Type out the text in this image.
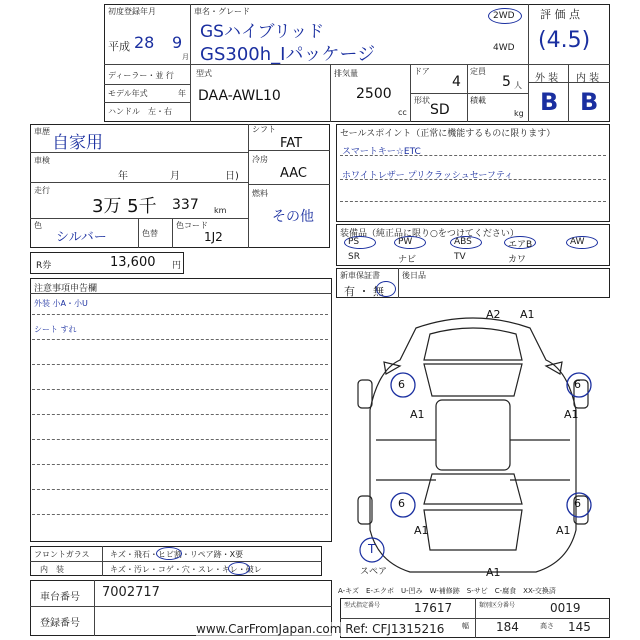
初度登録年月
平成 28 9
月
車名・グレード
GSハイブリッド
GS300h_Iパッケージ
2WD
4WD
評 価 点
(4.5)
ディーラー・並 行
モデル年式	年
ハンドル　左・右
型式
DAA-AWL10
排気量
2500
cc
ドア
4
定員
5 人
形状
SD
積載
kg
外 装 内 装
B B
車歴
自家用
車検
年	月	日)
走行
3万 5千 337 km
色
シルバー	色替
色コード
1J2
シフト
FAT
冷房
AAC
燃料
その他
R券	13,600 円
セールスポイント（正常に機能するものに限ります）
スマートキー☆ETC
ホワイトレザー プリクラッシュセーフティ
装備品（純正品に限り○をつけてください）
PS	PW	ABS	エアB	AW
SR	ナビ	TV	カワ
新車保証書
有 ・ 無
後日品
注意事項申告欄
外装 小A・小U
シート すれ
A2 A1
6	6
A1	A1
6	6
A1	A1
A1
T
スペア
A-キズ　E-エクボ　U-凹み　W-補修跡　S-サビ　C-腐食　XX-交換済
フロントガラス	キズ・飛石・ヒビ割・リペア跡・X要
内　装	キズ・汚レ・コゲ・穴・スレ・キレ・破レ
車台番号 7002717
登録番号
型式指定番号	17617	類別区分番号	0019
幅 184	高さ 145
www.CarFromJapan.com Ref: CFJ1315216
